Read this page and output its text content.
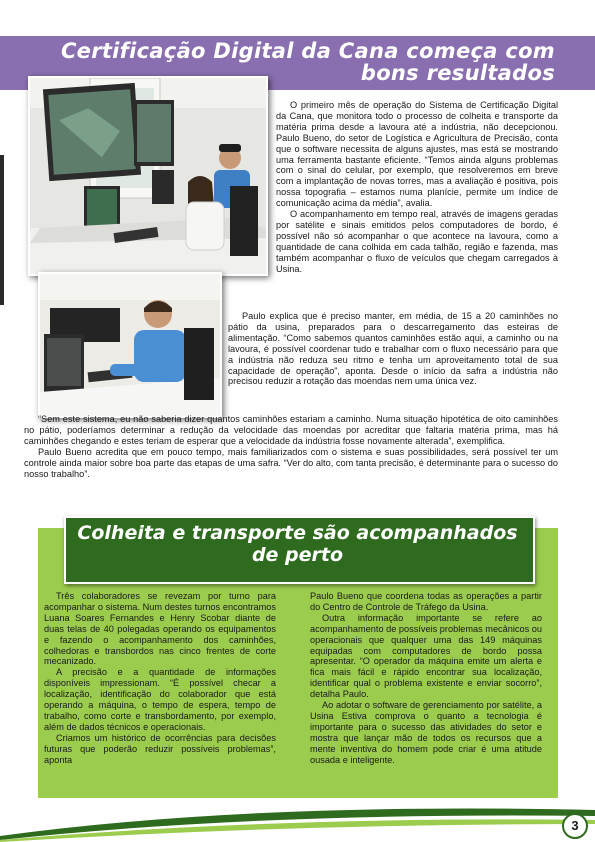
Certificação Digital da Cana começa com bons resultados

O primeiro mês de operação do Sistema de Certificação Digital da Cana, que monitora todo o processo de colheita e transporte da matéria prima desde a lavoura até a indústria, não decepcionou. Paulo Bueno, do setor de Logística e Agricultura de Precisão, conta que o software necessita de alguns ajustes, mas está se mostrando uma ferramenta bastante eficiente. “Temos ainda alguns problemas com o sinal do celular, por exemplo, que resolveremos em breve com a implantação de novas torres, mas a avaliação é positiva, pois nossa topografia – estamos numa planície, permite um índice de comunicação acima da média”, avalia.

O acompanhamento em tempo real, através de imagens geradas por satélite e sinais emitidos pelos computadores de bordo, é possível não só acompanhar o que acontece na lavoura, como a quantidade de cana colhida em cada talhão, região e fazenda, mas também acompanhar o fluxo de veículos que chegam carregados à Usina.

Paulo explica que é preciso manter, em média, de 15 a 20 caminhões no pátio da usina, preparados para o descarregamento das esteiras de alimentação. “Como sabemos quantos caminhões estão aqui, a caminho ou na lavoura, é possível coordenar tudo e trabalhar com o fluxo necessário para que a indústria não reduza seu ritmo e tenha um aproveitamento total de sua capacidade de operação”, aponta. Desde o início da safra a indústria não precisou reduzir a rotação das moendas nem uma única vez.

“Sem este sistema, eu não saberia dizer quantos caminhões estariam a caminho. Numa situação hipotética de oito caminhões no pátio, poderíamos determinar a redução da velocidade das moendas por acreditar que faltaria matéria prima, mas há caminhões chegando e estes teriam de esperar que a velocidade da indústria fosse novamente alterada”, exemplifica.

Paulo Bueno acredita que em pouco tempo, mais familiarizados com o sistema e suas possibilidades, será possível ter um controle ainda maior sobre boa parte das etapas de uma safra. “Ver do alto, com tanta precisão, é determinante para o sucesso do nosso trabalho”.

Colheita e transporte são acompanhados de perto

Três colaboradores se revezam por turno para acompanhar o sistema. Num destes turnos encontramos Luana Soares Fernandes e Henry Scobar diante de duas telas de 40 polegadas operando os equipamentos e fazendo o acompanhamento dos caminhões, colhedoras e transbordos nas cinco frentes de corte mecanizado.

A precisão e a quantidade de informações disponíveis impressionam. “É possível checar a localização, identificação do colaborador que está operando a máquina, o tempo de espera, tempo de trabalho, como corte e transbordamento, por exemplo, além de dados técnicos e operacionais.

Criamos um histórico de ocorrências para decisões futuras que poderão reduzir possíveis problemas”, aponta

Paulo Bueno que coordena todas as operações a partir do Centro de Controle de Tráfego da Usina.

Outra informação importante se refere ao acompanhamento de possíveis problemas mecânicos ou operacionais que qualquer uma das 149 máquinas equipadas com computadores de bordo possa apresentar. “O operador da máquina emite um alerta e fica mais fácil e rápido encontrar sua localização, identificar qual o problema existente e enviar socorro”, detalha Paulo.

Ao adotar o software de gerenciamento por satélite, a Usina Estiva comprova o quanto a tecnologia é importante para o sucesso das atividades do setor e mostra que lançar mão de todos os recursos que a mente inventiva do homem pode criar é uma atitude ousada e inteligente.

3
